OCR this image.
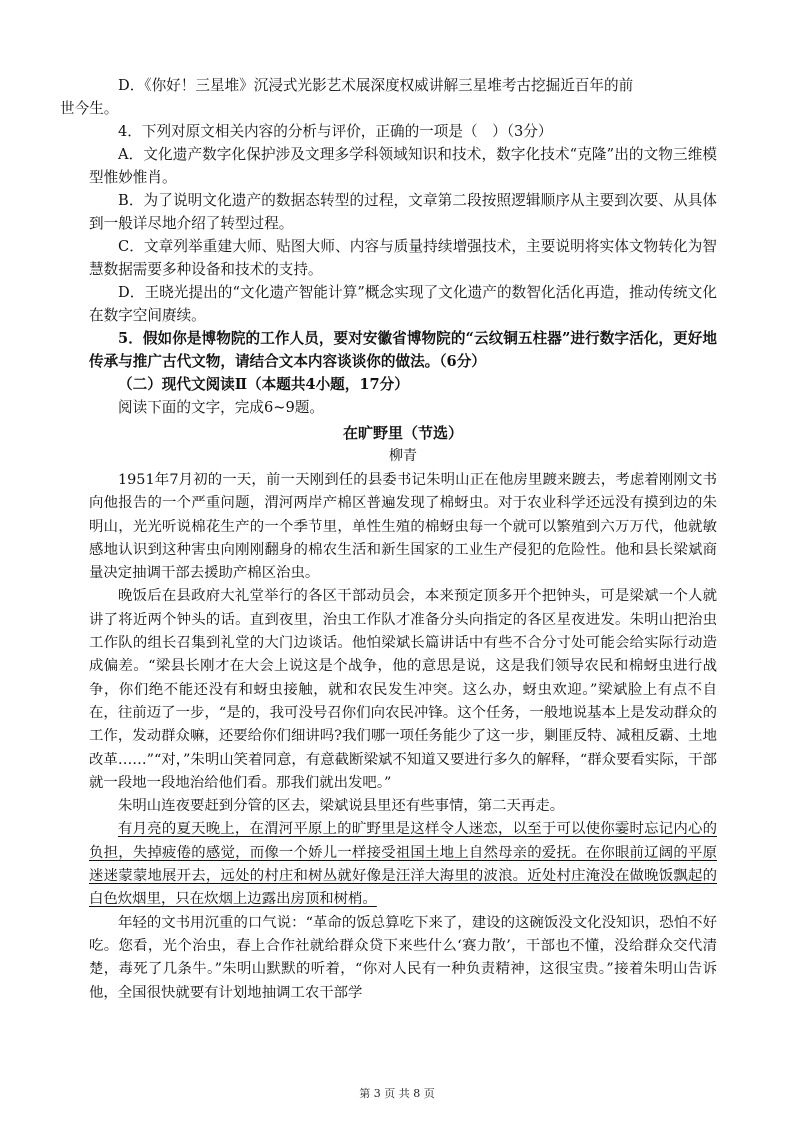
D．《你好！三星堆》沉浸式光影艺术展深度权威讲解三星堆考古挖掘近百年的前
世今生。

4．下列对原文相关内容的分析与评价，正确的一项是（　）（3分）

A．文化遗产数字化保护涉及文理多学科领域知识和技术，数字化技术“克隆”出的文物三维模型惟妙惟肖。

B．为了说明文化遗产的数据态转型的过程，文章第二段按照逻辑顺序从主要到次要、从具体到一般详尽地介绍了转型过程。

C．文章列举重建大师、贴图大师、内容与质量持续增强技术，主要说明将实体文物转化为智慧数据需要多种设备和技术的支持。

D．王晓光提出的“文化遗产智能计算”概念实现了文化遗产的数智化活化再造，推动传统文化在数字空间赓续。

5．假如你是博物院的工作人员，要对安徽省博物院的“云纹铜五柱器”进行数字活化，更好地传承与推广古代文物，请结合文本内容谈谈你的做法。（6分）

（二）现代文阅读Ⅱ（本题共4小题，17分）

阅读下面的文字，完成6~9题。

在旷野里（节选）

柳青

1951年7月初的一天，前一天刚到任的县委书记朱明山正在他房里踱来踱去，考虑着刚刚文书向他报告的一个严重问题，渭河两岸产棉区普遍发现了棉蚜虫。对于农业科学还远没有摸到边的朱明山，光光听说棉花生产的一个季节里，单性生殖的棉蚜虫每一个就可以繁殖到六万万代，他就敏感地认识到这种害虫向刚刚翻身的棉农生活和新生国家的工业生产侵犯的危险性。他和县长梁斌商量决定抽调干部去援助产棉区治虫。

晚饭后在县政府大礼堂举行的各区干部动员会，本来预定顶多开个把钟头，可是梁斌一个人就讲了将近两个钟头的话。直到夜里，治虫工作队才准备分头向指定的各区星夜进发。朱明山把治虫工作队的组长召集到礼堂的大门边谈话。他怕梁斌长篇讲话中有些不合分寸处可能会给实际行动造成偏差。“梁县长刚才在大会上说这是个战争，他的意思是说，这是我们领导农民和棉蚜虫进行战争，你们绝不能还没有和蚜虫接触，就和农民发生冲突。这么办，蚜虫欢迎。”梁斌脸上有点不自在，往前迈了一步，“是的，我可没号召你们向农民冲锋。这个任务，一般地说基本上是发动群众的工作，发动群众嘛，还要给你们细讲吗?我们哪一项任务能少了这一步，剿匪反特、减租反霸、土地改革……”“对，”朱明山笑着同意，有意截断梁斌不知道又要进行多久的解释，“群众要看实际，干部就一段地一段地治给他们看。那我们就出发吧。”

朱明山连夜要赶到分管的区去，梁斌说县里还有些事情，第二天再走。

有月亮的夏天晚上，在渭河平原上的旷野里是这样令人迷恋，以至于可以使你霎时忘记内心的负担，失掉疲倦的感觉，而像一个娇儿一样接受祖国土地上自然母亲的爱抚。在你眼前辽阔的平原迷迷蒙蒙地展开去，远处的村庄和树丛就好像是汪洋大海里的波浪。近处村庄淹没在做晚饭飘起的白色炊烟里，只在炊烟上边露出房顶和树梢。

年轻的文书用沉重的口气说：“革命的饭总算吃下来了，建设的这碗饭没文化没知识，恐怕不好吃。您看，光个治虫，春上合作社就给群众贷下来些什么‘赛力散’，干部也不懂，没给群众交代清楚，毒死了几条牛。”朱明山默默的听着，“你对人民有一种负责精神，这很宝贵。”接着朱明山告诉他，全国很快就要有计划地抽调工农干部学

第 3 页 共 8 页
